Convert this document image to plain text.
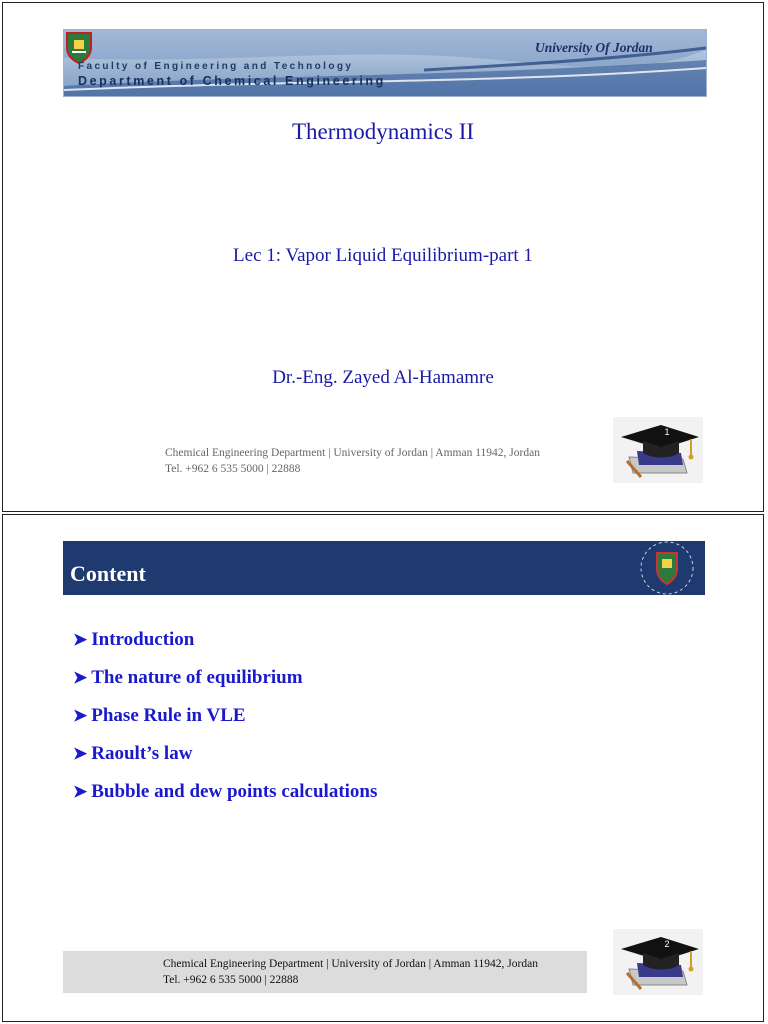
University Of Jordan
Faculty of Engineering and Technology
Department of Chemical Engineering
Thermodynamics II
Lec 1: Vapor Liquid Equilibrium-part 1
Dr.-Eng. Zayed Al-Hamamre
Chemical Engineering Department | University of Jordan | Amman 11942, Jordan
Tel. +962 6 535 5000 | 22888
1
Content
➤ Introduction
➤ The nature of equilibrium
➤ Phase Rule in VLE
➤ Raoult’s law
➤ Bubble and dew points calculations
Chemical Engineering Department | University of Jordan | Amman 11942, Jordan
Tel. +962 6 535 5000 | 22888
2
